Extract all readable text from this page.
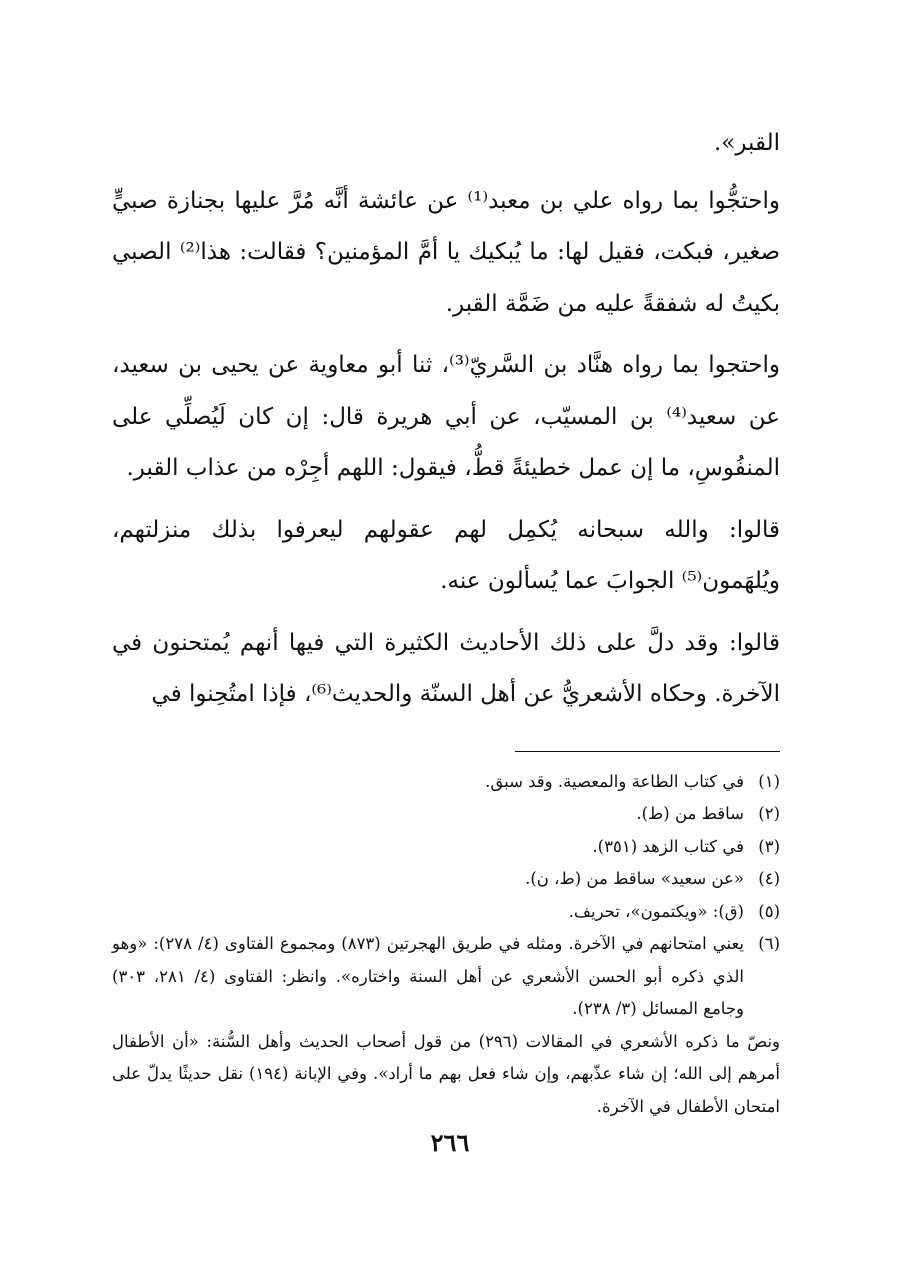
القبر».

واحتجُّوا بما رواه علي بن معبد⁽¹⁾ عن عائشة أنَّه مُرَّ عليها بجنازة صبيٍّ صغير، فبكت، فقيل لها: ما يُبكيك يا أمَّ المؤمنين؟ فقالت: هذا⁽²⁾ الصبي بكيتُ له شفقةً عليه من ضَمَّة القبر.

واحتجوا بما رواه هنَّاد بن السَّريّ⁽³⁾، ثنا أبو معاوية عن يحيى بن سعيد، عن سعيد⁽⁴⁾ بن المسيّب، عن أبي هريرة قال: إن كان لَيُصلِّي على المنفُوسِ، ما إن عمل خطيئةً قطُّ، فيقول: اللهم أجِرْه من عذاب القبر.

قالوا: والله سبحانه يُكمِل لهم عقولهم ليعرفوا بذلك منزلتهم، ويُلهَمون⁽⁵⁾ الجوابَ عما يُسألون عنه.

قالوا: وقد دلَّ على ذلك الأحاديث الكثيرة التي فيها أنهم يُمتحنون في الآخرة. وحكاه الأشعريُّ عن أهل السنّة والحديث⁽⁶⁾، فإذا امتُحِنوا في

(١)
في كتاب الطاعة والمعصية. وقد سبق.
(٢)
ساقط من (ط).
(٣)
في كتاب الزهد (٣٥١).
(٤)
«عن سعيد» ساقط من (ط، ن).
(٥)
(ق): «ويكتمون»، تحريف.
(٦)
يعني امتحانهم في الآخرة. ومثله في طريق الهجرتين (٨٧٣) ومجموع الفتاوى (٤/ ٢٧٨): «وهو الذي ذكره أبو الحسن الأشعري عن أهل السنة واختاره». وانظر: الفتاوى (٤/ ٢٨١، ٣٠٣) وجامع المسائل (٣/ ٢٣٨).
ونصّ ما ذكره الأشعري في المقالات (٢٩٦) من قول أصحاب الحديث وأهل السُّنة: «أن الأطفال أمرهم إلى الله؛ إن شاء عذّبهم، وإن شاء فعل بهم ما أراد». وفي الإبانة (١٩٤) نقل حديثًا يدلّ على امتحان الأطفال في الآخرة.
٢٦٦
